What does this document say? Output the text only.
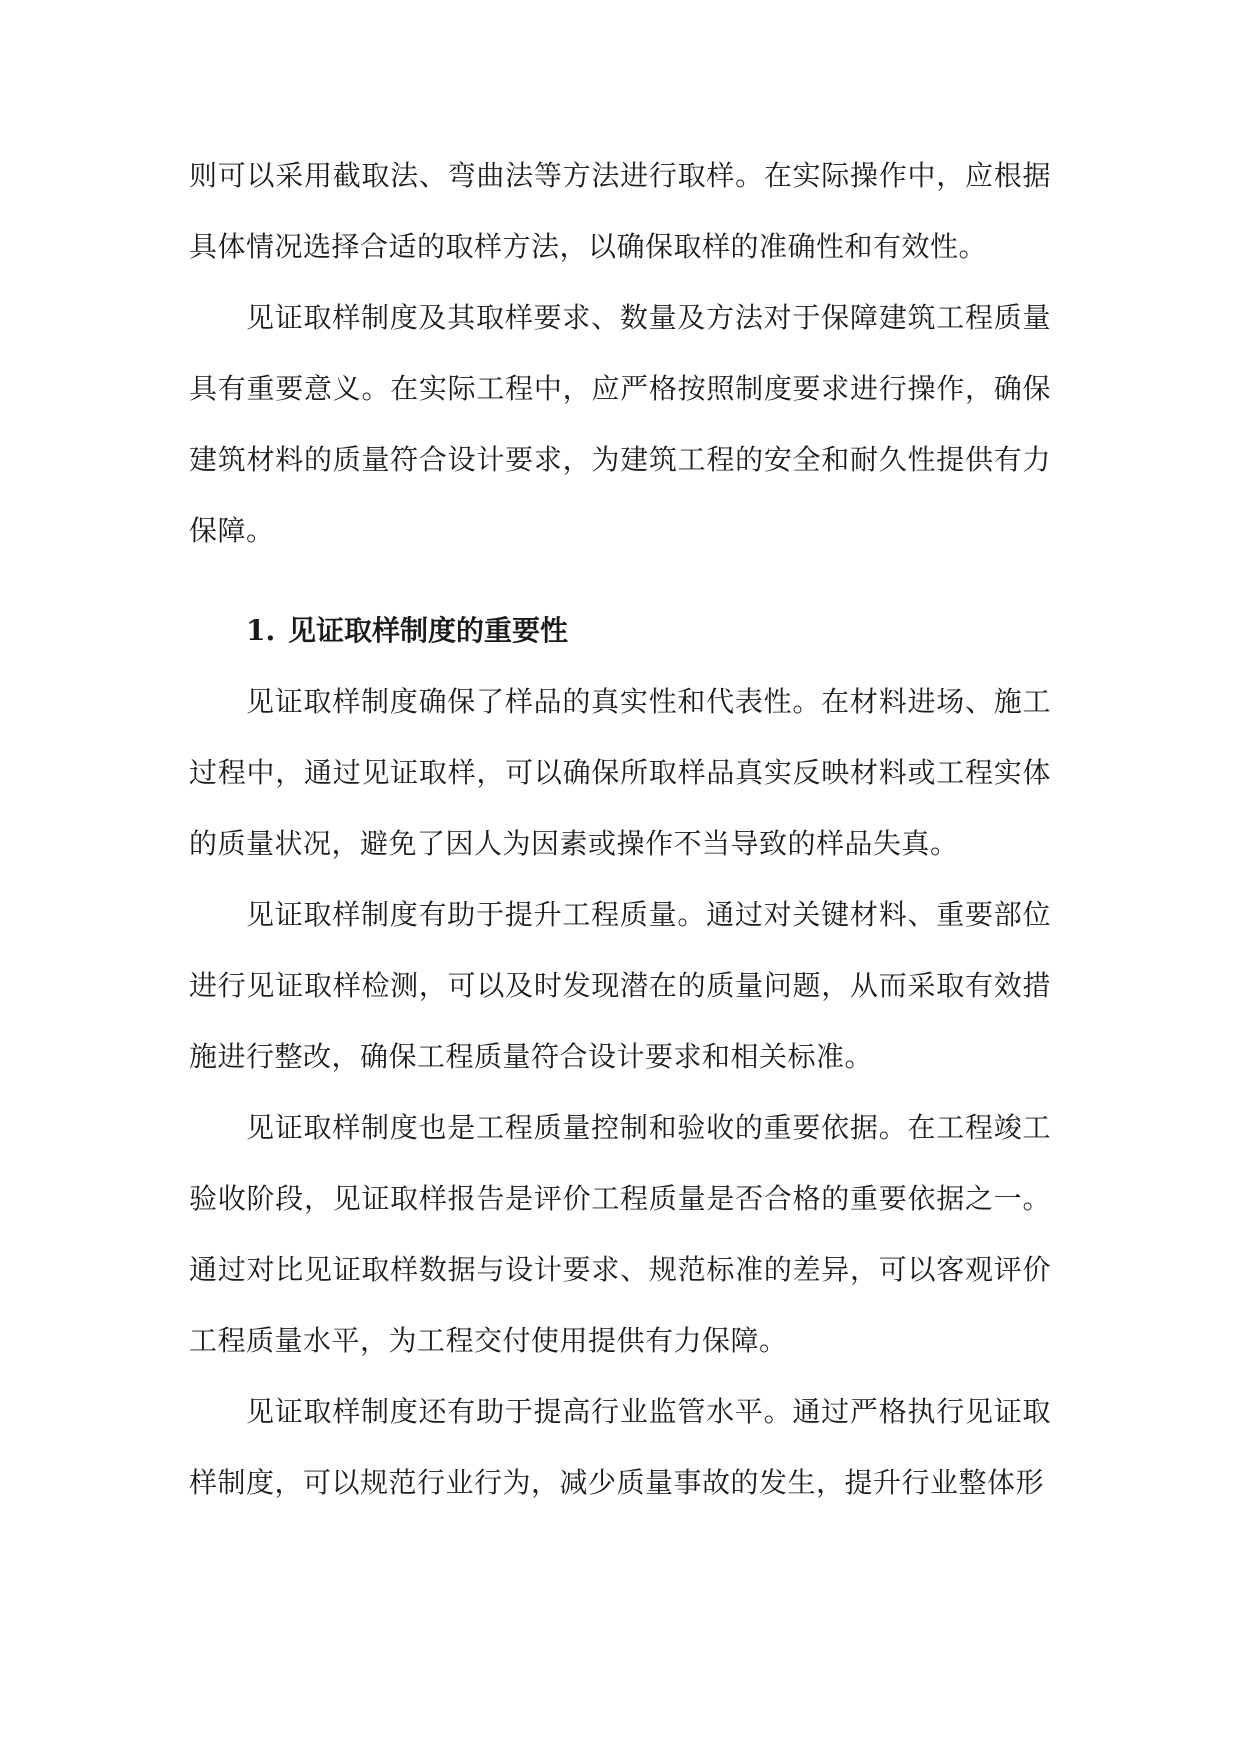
则可以采用截取法、弯曲法等方法进行取样。在实际操作中，应根据具体情况选择合适的取样方法，以确保取样的准确性和有效性。

见证取样制度及其取样要求、数量及方法对于保障建筑工程质量具有重要意义。在实际工程中，应严格按照制度要求进行操作，确保建筑材料的质量符合设计要求，为建筑工程的安全和耐久性提供有力保障。

1. 见证取样制度的重要性

见证取样制度确保了样品的真实性和代表性。在材料进场、施工过程中，通过见证取样，可以确保所取样品真实反映材料或工程实体的质量状况，避免了因人为因素或操作不当导致的样品失真。

见证取样制度有助于提升工程质量。通过对关键材料、重要部位进行见证取样检测，可以及时发现潜在的质量问题，从而采取有效措施进行整改，确保工程质量符合设计要求和相关标准。

见证取样制度也是工程质量控制和验收的重要依据。在工程竣工验收阶段，见证取样报告是评价工程质量是否合格的重要依据之一。通过对比见证取样数据与设计要求、规范标准的差异，可以客观评价工程质量水平，为工程交付使用提供有力保障。

见证取样制度还有助于提高行业监管水平。通过严格执行见证取样制度，可以规范行业行为，减少质量事故的发生，提升行业整体形
